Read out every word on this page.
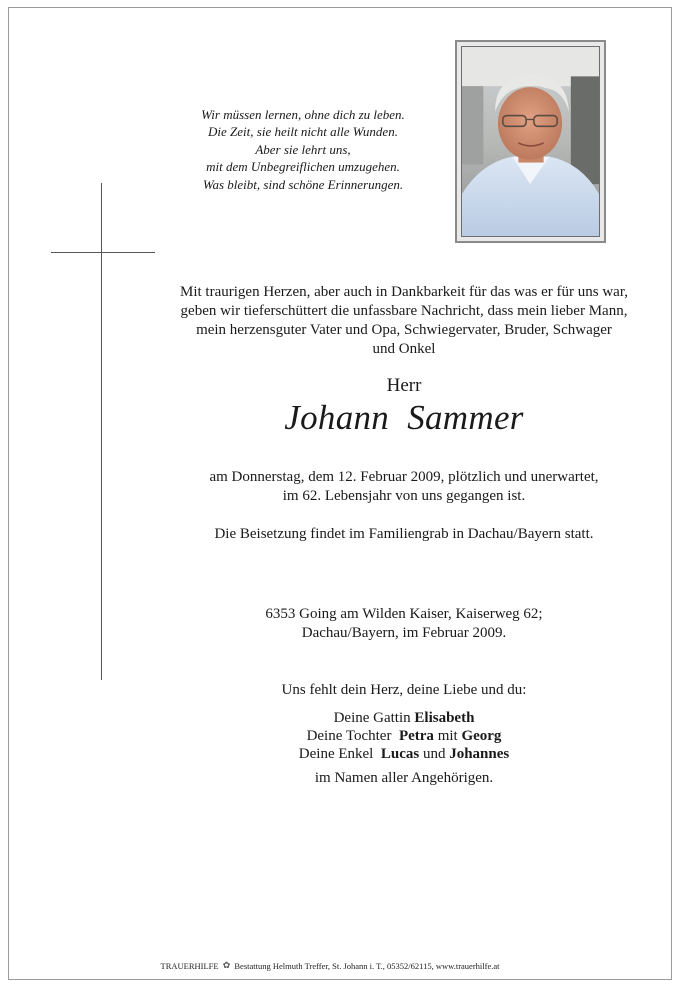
Wir müssen lernen, ohne dich zu leben.
Die Zeit, sie heilt nicht alle Wunden.
Aber sie lehrt uns,
mit dem Unbegreiflichen umzugehen.
Was bleibt, sind schöne Erinnerungen.
Mit traurigen Herzen, aber auch in Dankbarkeit für das was er für uns war,
geben wir tieferschüttert die unfassbare Nachricht, dass mein lieber Mann,
mein herzensguter Vater und Opa, Schwiegervater, Bruder, Schwager
und Onkel
Herr
Johann  Sammer
am Donnerstag, dem 12. Februar 2009, plötzlich und unerwartet,
im 62. Lebensjahr von uns gegangen ist.
Die Beisetzung findet im Familiengrab in Dachau/Bayern statt.
6353 Going am Wilden Kaiser, Kaiserweg 62;
Dachau/Bayern, im Februar 2009.
Uns fehlt dein Herz, deine Liebe und du:
Deine Gattin Elisabeth
Deine Tochter Petra mit Georg
Deine Enkel Lucas und Johannes
im Namen aller Angehörigen.
TRAUERHILFE ✿ Bestattung Helmuth Treffer, St. Johann i. T., 05352/62115, www.trauerhilfe.at
